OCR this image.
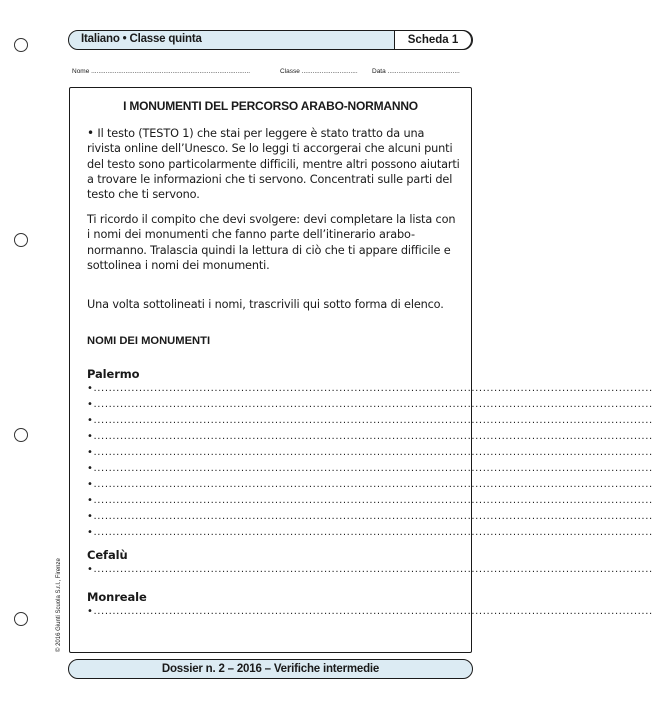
Italiano • Classe quinta	Scheda 1
Nome ........................................................................................	Classe ............................... Data ........................................
I MONUMENTI DEL PERCORSO ARABO-NORMANNO
• Il testo (TESTO 1) che stai per leggere è stato tratto da una rivista online dell’Unesco. Se lo leggi ti accorgerai che alcuni punti del testo sono particolarmente difficili, mentre altri possono aiutarti a trovare le informazioni che ti servono. Concentrati sulle parti del testo che ti servono.
Ti ricordo il compito che devi svolgere: devi completare la lista con i nomi dei monumenti che fanno parte dell’itinerario arabo-normanno. Tralascia quindi la lettura di ciò che ti appare difficile e sottolinea i nomi dei monumenti.
Una volta sottolineati i nomi, trascrivili qui sotto forma di elenco.
NOMI DEI MONUMENTI
Palermo
Cefalù
Monreale
•....................................................................................................................................................
•....................................................................................................................................................
•....................................................................................................................................................
•....................................................................................................................................................
•....................................................................................................................................................
•....................................................................................................................................................
•....................................................................................................................................................
•....................................................................................................................................................
•....................................................................................................................................................
•....................................................................................................................................................
•....................................................................................................................................................
•....................................................................................................................................................
© 2016 Giunti Scuola S.r.l., Firenze
Dossier n. 2 – 2016 – Verifiche intermedie
